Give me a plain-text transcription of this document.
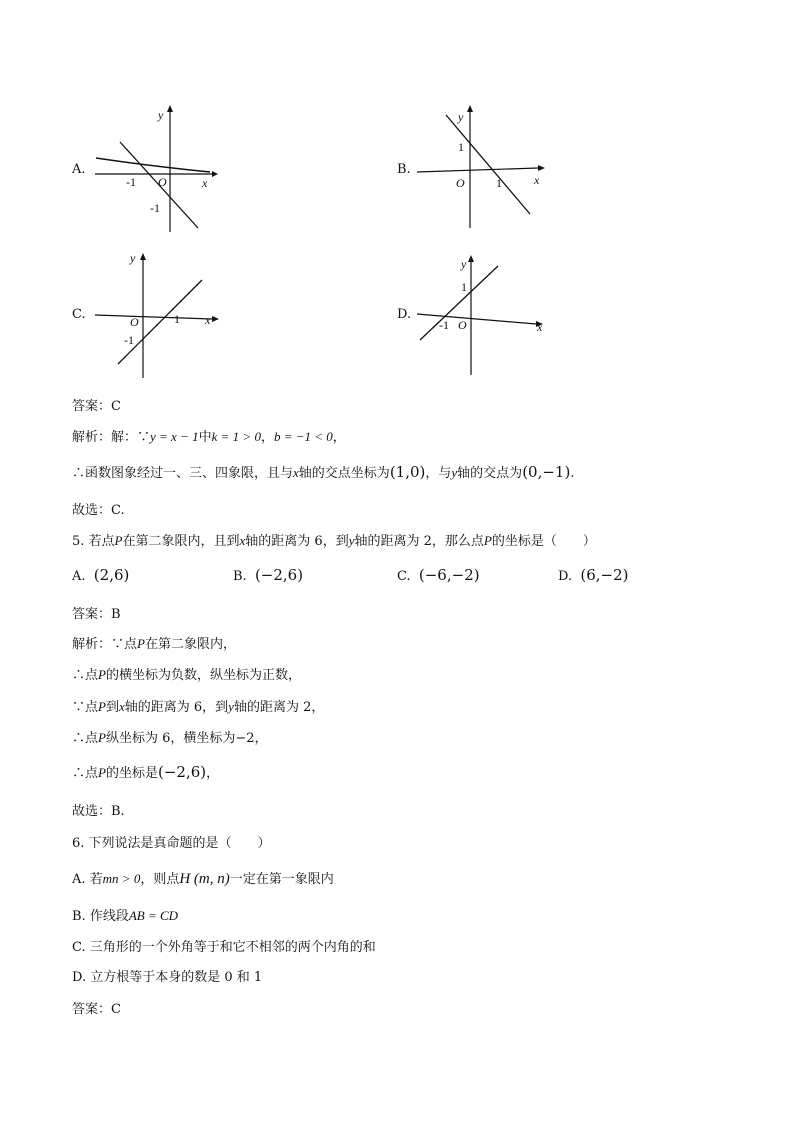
A.
y
x
O
-1
-1
B.
y
x
O
1
1
C.
y
x
O	1
-1
D.
y
x
O
1
-1
答案：C
解析：解：∵y = x − 1中k = 1 > 0，b = −1 < 0，
∴函数图象经过一、三、四象限，且与x轴的交点坐标为(1,0)，与y轴的交点为(0,−1).
故选：C.
5. 若点P在第二象限内，且到x轴的距离为 6，到y轴的距离为 2，那么点P的坐标是（　　）
A. (2,6)	B. (−2,6)	C. (−6,−2)	D. (6,−2)
答案：B
解析：∵点P在第二象限内，
∴点P的横坐标为负数，纵坐标为正数，
∵点P到x轴的距离为 6，到y轴的距离为 2，
∴点P纵坐标为 6，横坐标为−2，
∴点P的坐标是(−2,6)，
故选：B.
6. 下列说法是真命题的是（　　）
A. 若mn > 0，则点H (m, n)一定在第一象限内
B. 作线段AB = CD
C. 三角形的一个外角等于和它不相邻的两个内角的和
D. 立方根等于本身的数是 0 和 1
答案：C
